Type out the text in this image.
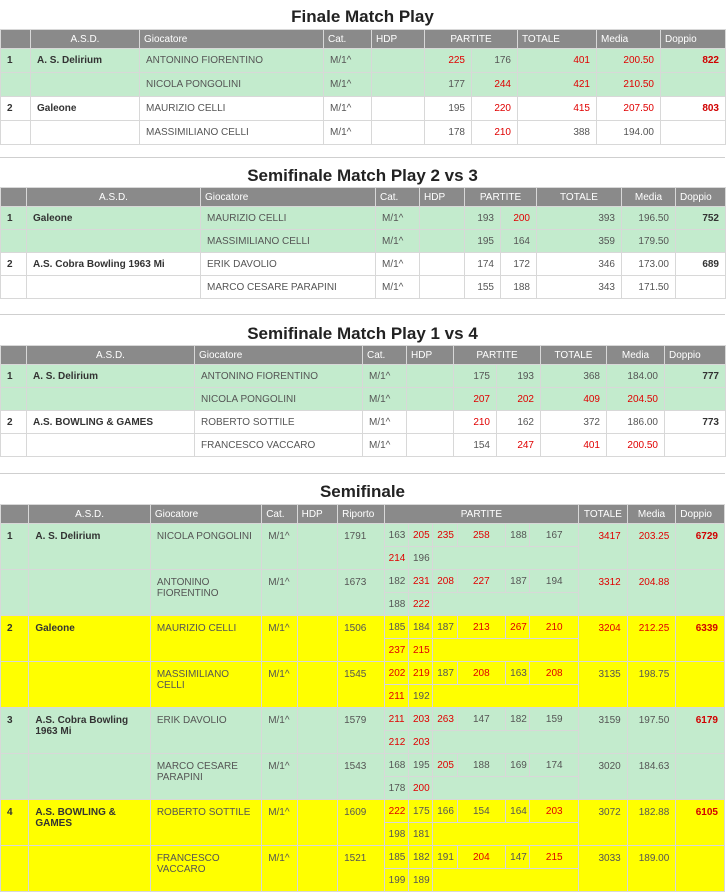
Finale Match Play
	A.S.D.	Giocatore	Cat.	HDP	PARTITE		TOTALE	Media	Doppio
1	A. S. Delirium	ANTONINO FIORENTINO	M/1^		225	176	401	200.50	822
		NICOLA PONGOLINI	M/1^		177	244	421	210.50	
2	Galeone	MAURIZIO CELLI	M/1^		195	220	415	207.50	803
		MASSIMILIANO CELLI	M/1^		178	210	388	194.00	
Semifinale Match Play 2 vs 3
	A.S.D.	Giocatore	Cat.	HDP	PARTITE		TOTALE	Media	Doppio
1	Galeone	MAURIZIO CELLI	M/1^		193	200	393	196.50	752
		MASSIMILIANO CELLI	M/1^		195	164	359	179.50	
2	A.S. Cobra Bowling 1963 Mi	ERIK DAVOLIO	M/1^		174	172	346	173.00	689
		MARCO CESARE PARAPINI	M/1^		155	188	343	171.50	
Semifinale Match Play 1 vs 4
	A.S.D.	Giocatore	Cat.	HDP	PARTITE		TOTALE	Media	Doppio
1	A. S. Delirium	ANTONINO FIORENTINO	M/1^		175	193	368	184.00	777
		NICOLA PONGOLINI	M/1^		207	202	409	204.50	
2	A.S. BOWLING & GAMES	ROBERTO SOTTILE	M/1^		210	162	372	186.00	773
		FRANCESCO VACCARO	M/1^		154	247	401	200.50	
Semifinale
	A.S.D.	Giocatore	Cat.	HDP	Riporto	PARTITE						TOTALE	Media	Doppio
1	A. S. Delirium	NICOLA PONGOLINI	M/1^		1791	163	205	235	258	188	167	3417	203.25	6729
						214	196							
		ANTONINO FIORENTINO	M/1^		1673	182	231	208	227	187	194	3312	204.88	
						188	222							
2	Galeone	MAURIZIO CELLI	M/1^		1506	185	184	187	213	267	210	3204	212.25	6339
						237	215							
		MASSIMILIANO CELLI	M/1^		1545	202	219	187	208	163	208	3135	198.75	
						211	192							
3	A.S. Cobra Bowling 1963 Mi	ERIK DAVOLIO	M/1^		1579	211	203	263	147	182	159	3159	197.50	6179
						212	203							
		MARCO CESARE PARAPINI	M/1^		1543	168	195	205	188	169	174	3020	184.63	
						178	200							
4	A.S. BOWLING & GAMES	ROBERTO SOTTILE	M/1^		1609	222	175	166	154	164	203	3072	182.88	6105
						198	181							
		FRANCESCO VACCARO	M/1^		1521	185	182	191	204	147	215	3033	189.00	
						199	189							
